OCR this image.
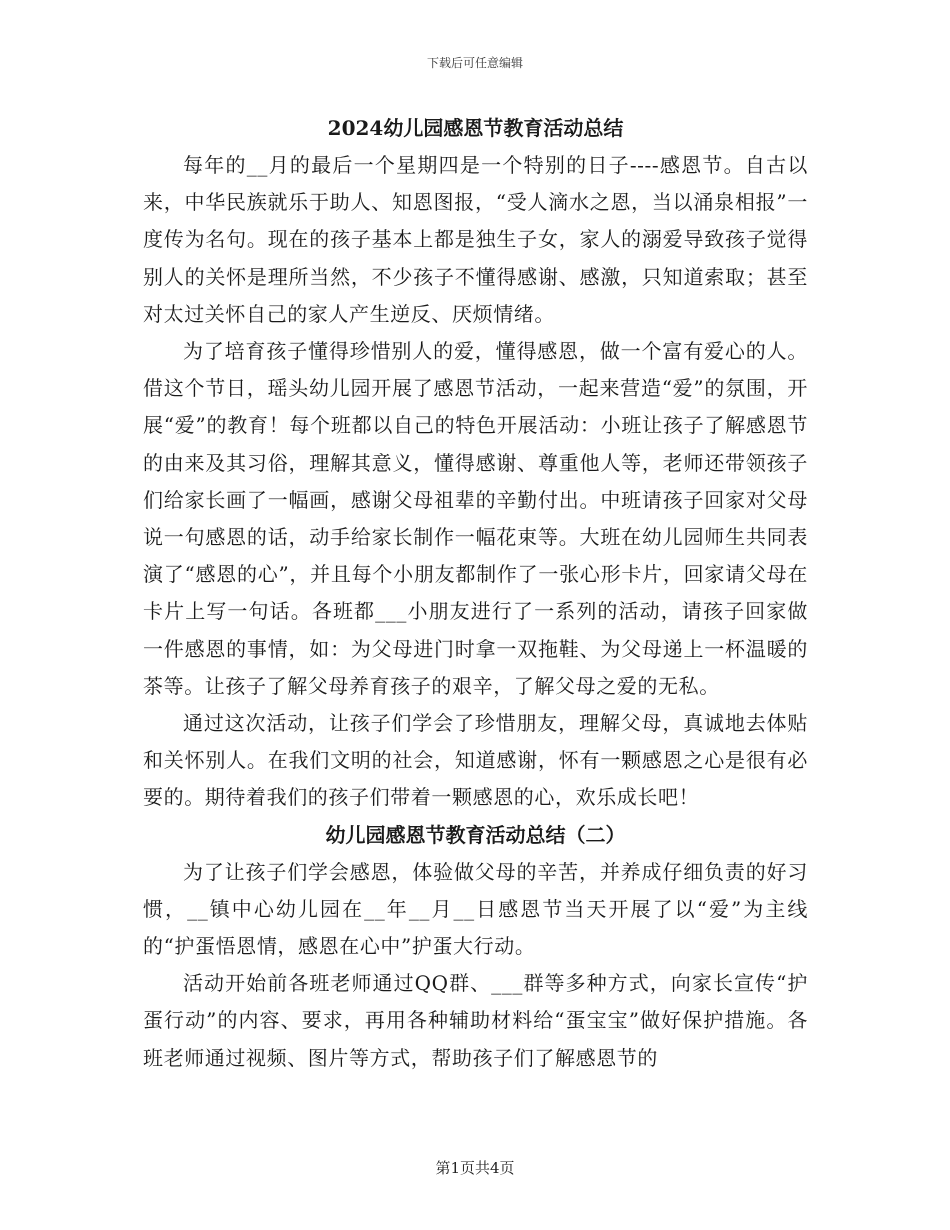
下载后可任意编辑

2024幼儿园感恩节教育活动总结

每年的__月的最后一个星期四是一个特别的日子----感恩节。自古以来，中华民族就乐于助人、知恩图报，“受人滴水之恩，当以涌泉相报”一度传为名句。现在的孩子基本上都是独生子女，家人的溺爱导致孩子觉得别人的关怀是理所当然，不少孩子不懂得感谢、感激，只知道索取；甚至对太过关怀自己的家人产生逆反、厌烦情绪。

为了培育孩子懂得珍惜别人的爱，懂得感恩，做一个富有爱心的人。借这个节日，瑶头幼儿园开展了感恩节活动，一起来营造“爱”的氛围，开展“爱”的教育！每个班都以自己的特色开展活动：小班让孩子了解感恩节的由来及其习俗，理解其意义，懂得感谢、尊重他人等，老师还带领孩子们给家长画了一幅画，感谢父母祖辈的辛勤付出。中班请孩子回家对父母说一句感恩的话，动手给家长制作一幅花束等。大班在幼儿园师生共同表演了“感恩的心”，并且每个小朋友都制作了一张心形卡片，回家请父母在卡片上写一句话。各班都___小朋友进行了一系列的活动，请孩子回家做一件感恩的事情，如：为父母进门时拿一双拖鞋、为父母递上一杯温暖的茶等。让孩子了解父母养育孩子的艰辛，了解父母之爱的无私。

通过这次活动，让孩子们学会了珍惜朋友，理解父母，真诚地去体贴和关怀别人。在我们文明的社会，知道感谢，怀有一颗感恩之心是很有必要的。期待着我们的孩子们带着一颗感恩的心，欢乐成长吧！

幼儿园感恩节教育活动总结（二）

为了让孩子们学会感恩，体验做父母的辛苦，并养成仔细负责的好习惯，__镇中心幼儿园在__年__月__日感恩节当天开展了以“爱”为主线的“护蛋悟恩情，感恩在心中”护蛋大行动。

活动开始前各班老师通过QQ群、___群等多种方式，向家长宣传“护蛋行动”的内容、要求，再用各种辅助材料给“蛋宝宝”做好保护措施。各班老师通过视频、图片等方式，帮助孩子们了解感恩节的

第1页共4页
